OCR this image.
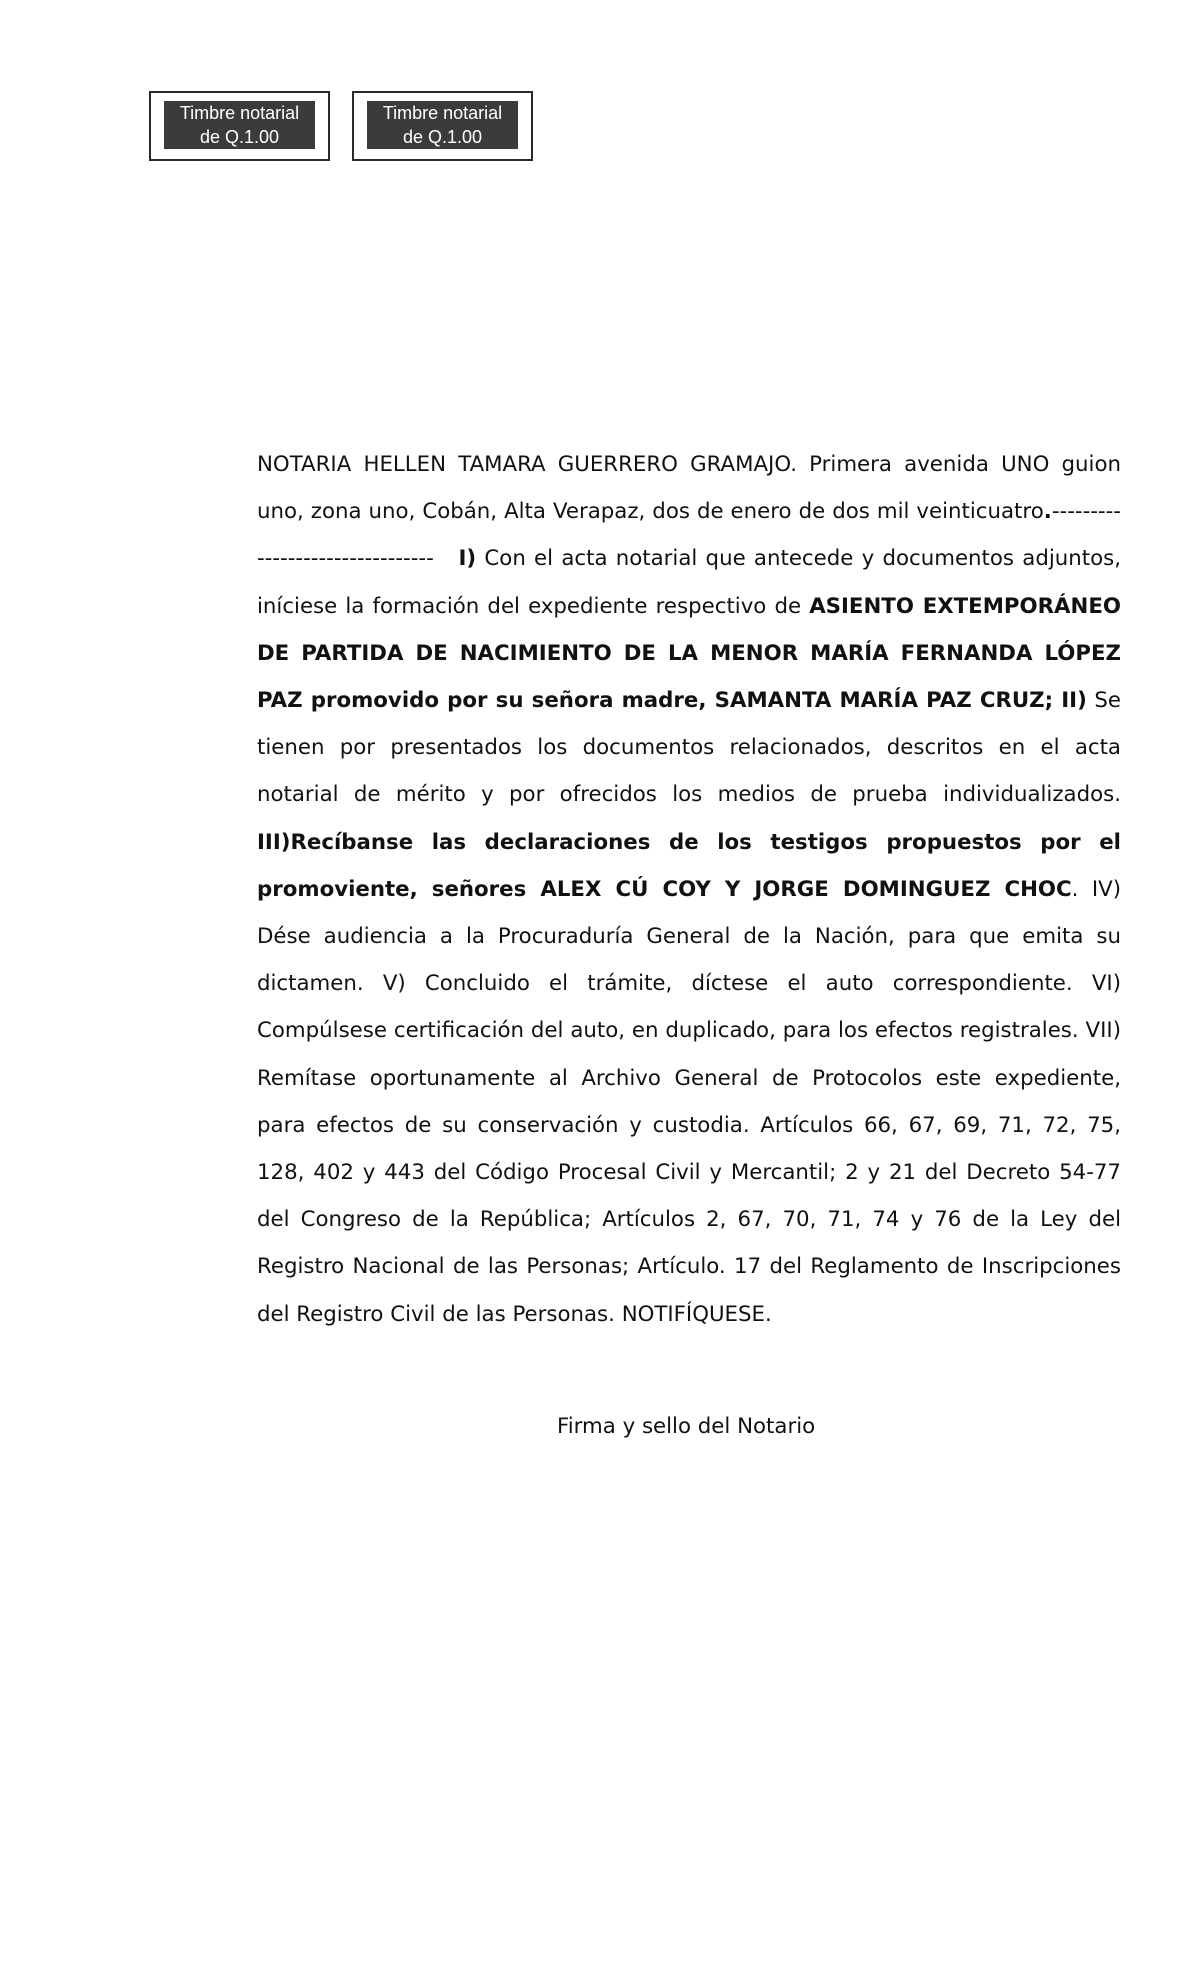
Timbre notarial
de Q.1.00
Timbre notarial
de Q.1.00

NOTARIA HELLEN TAMARA GUERRERO GRAMAJO. Primera avenida UNO guion uno, zona uno, Cobán, Alta Verapaz, dos de enero de dos mil veinticuatro.-------------------------------- I) Con el acta notarial que antecede y documentos adjuntos, iníciese la formación del expediente respectivo de ASIENTO EXTEMPORÁNEO DE PARTIDA DE NACIMIENTO DE LA MENOR MARÍA FERNANDA LÓPEZ PAZ promovido por su señora madre, SAMANTA MARÍA PAZ CRUZ; II) Se tienen por presentados los documentos relacionados, descritos en el acta notarial de mérito y por ofrecidos los medios de prueba individualizados. III)Recíbanse las declaraciones de los testigos propuestos por el promoviente, señores ALEX CÚ COY Y JORGE DOMINGUEZ CHOC. IV) Dése audiencia a la Procuraduría General de la Nación, para que emita su dictamen. V) Concluido el trámite, díctese el auto correspondiente. VI) Compúlsese certificación del auto, en duplicado, para los efectos registrales. VII) Remítase oportunamente al Archivo General de Protocolos este expediente, para efectos de su conservación y custodia. Artículos 66, 67, 69, 71, 72, 75, 128, 402 y 443 del Código Procesal Civil y Mercantil; 2 y 21 del Decreto 54-77 del Congreso de la República; Artículos 2, 67, 70, 71, 74 y 76 de la Ley del Registro Nacional de las Personas; Artículo. 17 del Reglamento de Inscripciones del Registro Civil de las Personas. NOTIFÍQUESE.

Firma y sello del Notario
